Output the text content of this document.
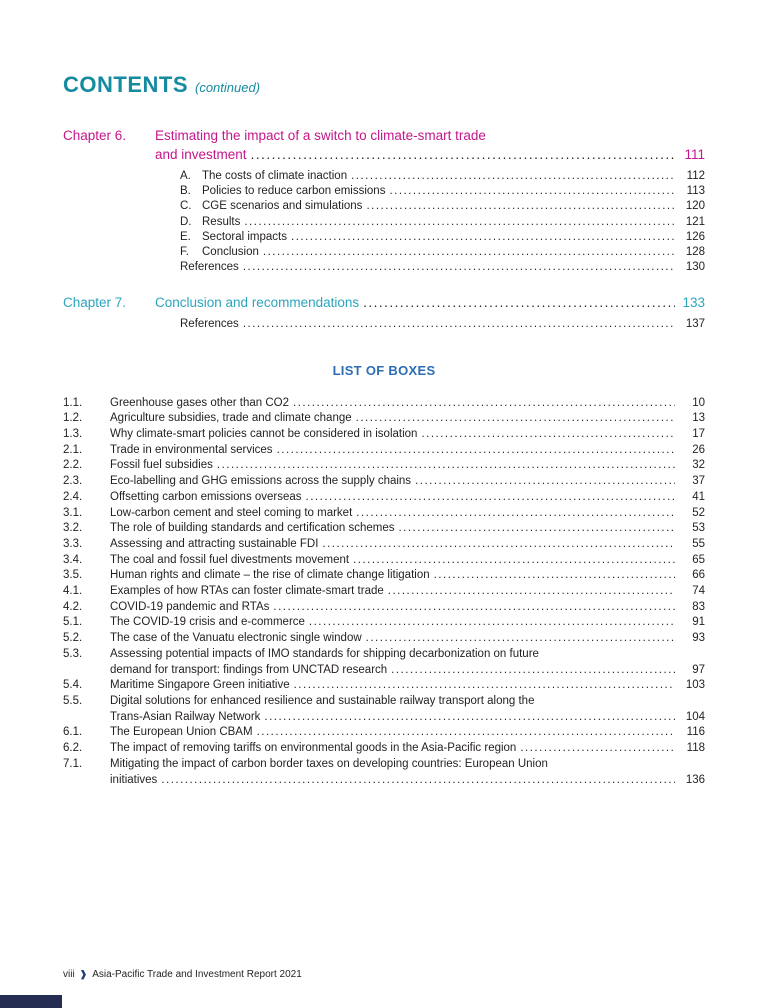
CONTENTS (continued)
Chapter 6.	Estimating the impact of a switch to climate-smart trade
and investment .....	111
A. The costs of climate inaction .....	112
B. Policies to reduce carbon emissions .....	113
C. CGE scenarios and simulations .....	120
D. Results .....	121
E. Sectoral impacts .....	126
F.	Conclusion .....	128
References .....	130
Chapter 7.	Conclusion and recommendations .....	133
References .....	137
LIST OF BOXES
1.1.	Greenhouse gases other than CO2 .....	10
1.2.	Agriculture subsidies, trade and climate change .....	13
1.3.	Why climate-smart policies cannot be considered in isolation .....	17
2.1.	Trade in environmental services .....	26
2.2.	Fossil fuel subsidies .....	32
2.3.	Eco-labelling and GHG emissions across the supply chains .....	37
2.4.	Offsetting carbon emissions overseas .....	41
3.1.	Low-carbon cement and steel coming to market .....	52
3.2.	The role of building standards and certification schemes .....	53
3.3.	Assessing and attracting sustainable FDI .....	55
3.4.	The coal and fossil fuel divestments movement .....	65
3.5.	Human rights and climate – the rise of climate change litigation .....	66
4.1.	Examples of how RTAs can foster climate-smart trade .....	74
4.2.	COVID-19 pandemic and RTAs .....	83
5.1.	The COVID-19 crisis and e-commerce .....	91
5.2.	The case of the Vanuatu electronic single window .....	93
5.3.	Assessing potential impacts of IMO standards for shipping decarbonization on future
demand for transport: findings from UNCTAD research .....	97
5.4.	Maritime Singapore Green initiative .....	103
5.5.	Digital solutions for enhanced resilience and sustainable railway transport along the
Trans-Asian Railway Network .....	104
6.1.	The European Union CBAM .....	116
6.2.	The impact of removing tariffs on environmental goods in the Asia-Pacific region .....	118
7.1.	Mitigating the impact of carbon border taxes on developing countries: European Union
initiatives .....	136
viii ❱ Asia-Pacific Trade and Investment Report 2021
